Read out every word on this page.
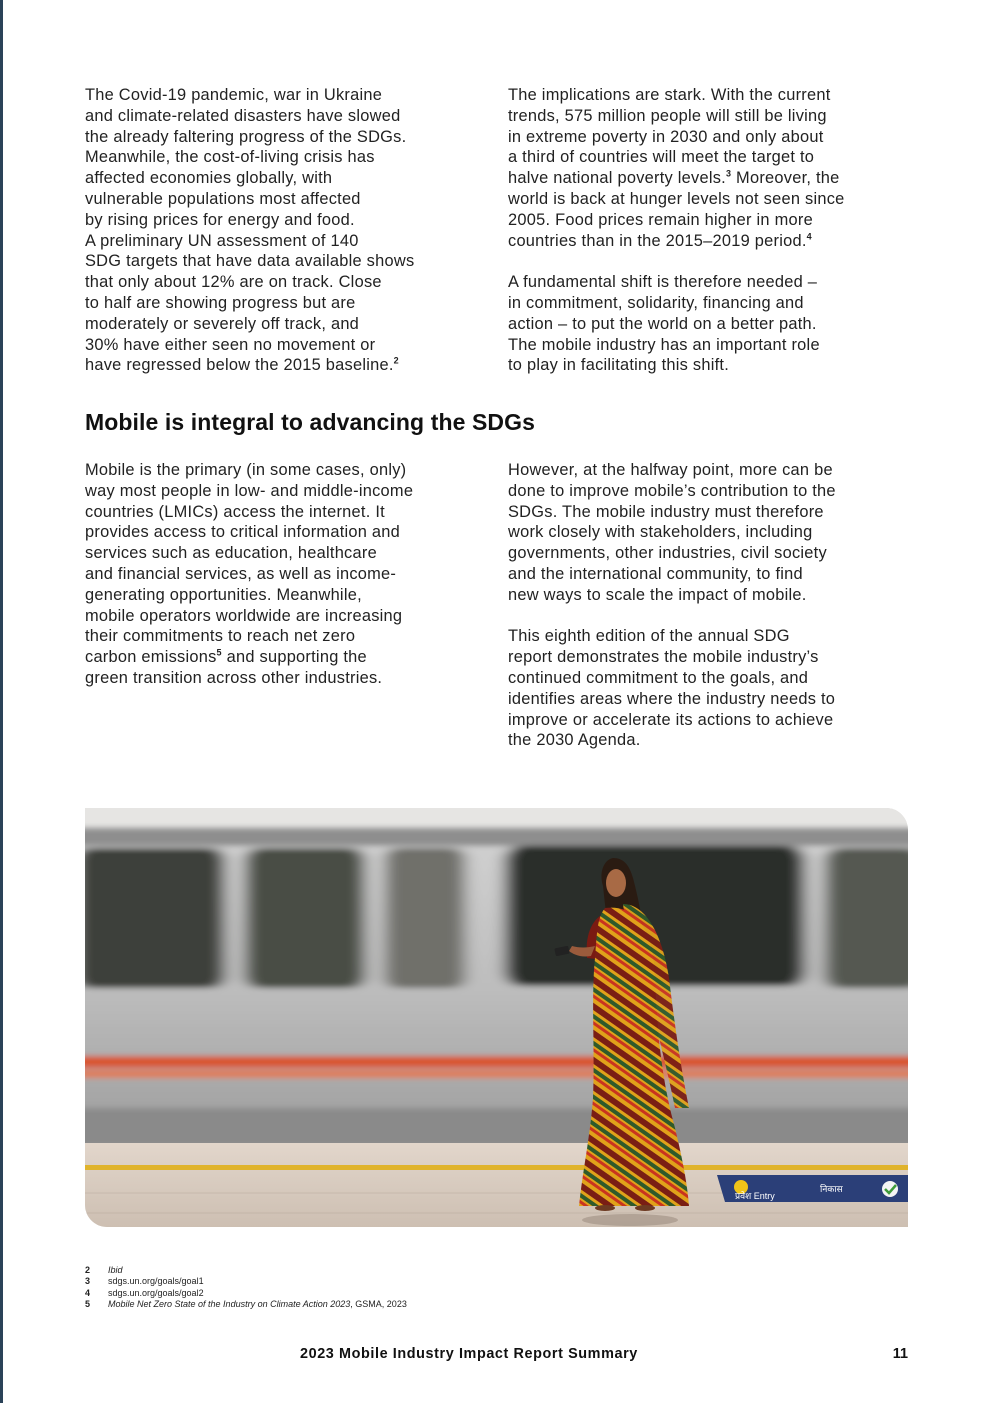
The Covid-19 pandemic, war in Ukraine
and climate-related disasters have slowed
the already faltering progress of the SDGs.
Meanwhile, the cost-of-living crisis has
affected economies globally, with
vulnerable populations most affected
by rising prices for energy and food.
A preliminary UN assessment of 140
SDG targets that have data available shows
that only about 12% are on track. Close
to half are showing progress but are
moderately or severely off track, and
30% have either seen no movement or
have regressed below the 2015 baseline.$^2$

The implications are stark. With the current
trends, 575 million people will still be living
in extreme poverty in 2030 and only about
a third of countries will meet the target to
halve national poverty levels.$^3$ Moreover, the
world is back at hunger levels not seen since
2005. Food prices remain higher in more
countries than in the 2015–2019 period.$^4$

A fundamental shift is therefore needed –
in commitment, solidarity, financing and
action – to put the world on a better path.
The mobile industry has an important role
to play in facilitating this shift.

Mobile is integral to advancing the SDGs

Mobile is the primary (in some cases, only)
way most people in low- and middle-income
countries (LMICs) access the internet. It
provides access to critical information and
services such as education, healthcare
and financial services, as well as income-
generating opportunities. Meanwhile,
mobile operators worldwide are increasing
their commitments to reach net zero
carbon emissions$^5$ and supporting the
green transition across other industries.

However, at the halfway point, more can be
done to improve mobile’s contribution to the
SDGs. The mobile industry must therefore
work closely with stakeholders, including
governments, other industries, civil society
and the international community, to find
new ways to scale the impact of mobile.

This eighth edition of the annual SDG
report demonstrates the mobile industry’s
continued commitment to the goals, and
identifies areas where the industry needs to
improve or accelerate its actions to achieve
the 2030 Agenda.

प्रवेश Entry
निकास
2	Ibid
3	sdgs.un.org/goals/goal1
4	sdgs.un.org/goals/goal2
5	Mobile Net Zero State of the Industry on Climate Action 2023, GSMA, 2023
2023 Mobile Industry Impact Report Summary	11
